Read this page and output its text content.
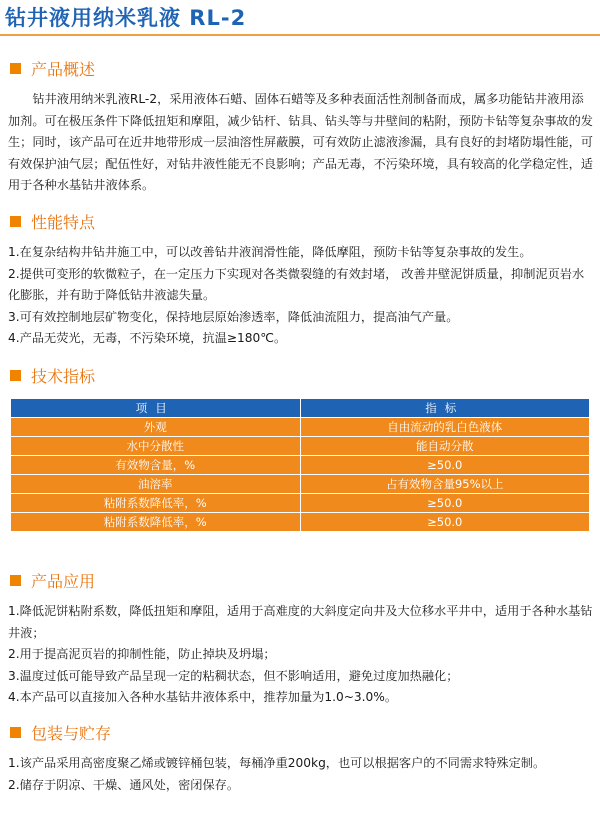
钻井液用纳米乳液 RL-2
产品概述

钻井液用纳米乳液RL-2，采用液体石蜡、固体石蜡等及多种表面活性剂制备而成，属多功能钻井液用添加剂。可在极压条件下降低扭矩和摩阻，减少钻杆、钻具、钻头等与井壁间的粘附，预防卡钻等复杂事故的发生；同时，该产品可在近井地带形成一层油溶性屏蔽膜，可有效防止滤液渗漏，具有良好的封堵防塌性能，可有效保护油气层；配伍性好，对钻井液性能无不良影响；产品无毒，不污染环境，具有较高的化学稳定性，适用于各种水基钻井液体系。

性能特点

1.在复杂结构井钻井施工中，可以改善钻井液润滑性能，降低摩阻，预防卡钻等复杂事故的发生。

2.提供可变形的软微粒子，在一定压力下实现对各类微裂缝的有效封堵， 改善井壁泥饼质量，抑制泥页岩水化膨胀，并有助于降低钻井液滤失量。

3.可有效控制地层矿物变化，保持地层原始渗透率，降低油流阻力，提高油气产量。

4.产品无荧光，无毒，不污染环境，抗温≥180℃。

技术指标
项目	指标
外观	自由流动的乳白色液体
水中分散性	能自动分散
有效物含量，%	≥50.0
油溶率	占有效物含量95%以上
粘附系数降低率，%	≥50.0
粘附系数降低率，%	≥50.0
产品应用

1.降低泥饼粘附系数，降低扭矩和摩阻，适用于高难度的大斜度定向井及大位移水平井中，适用于各种水基钻井液；

2.用于提高泥页岩的抑制性能，防止掉块及坍塌；

3.温度过低可能导致产品呈现一定的粘稠状态，但不影响适用，避免过度加热融化；

4.本产品可以直接加入各种水基钻井液体系中，推荐加量为1.0~3.0%。

包装与贮存

1.该产品采用高密度聚乙烯或镀锌桶包装，每桶净重200kg，也可以根据客户的不同需求特殊定制。

2.储存于阴凉、干燥、通风处，密闭保存。
